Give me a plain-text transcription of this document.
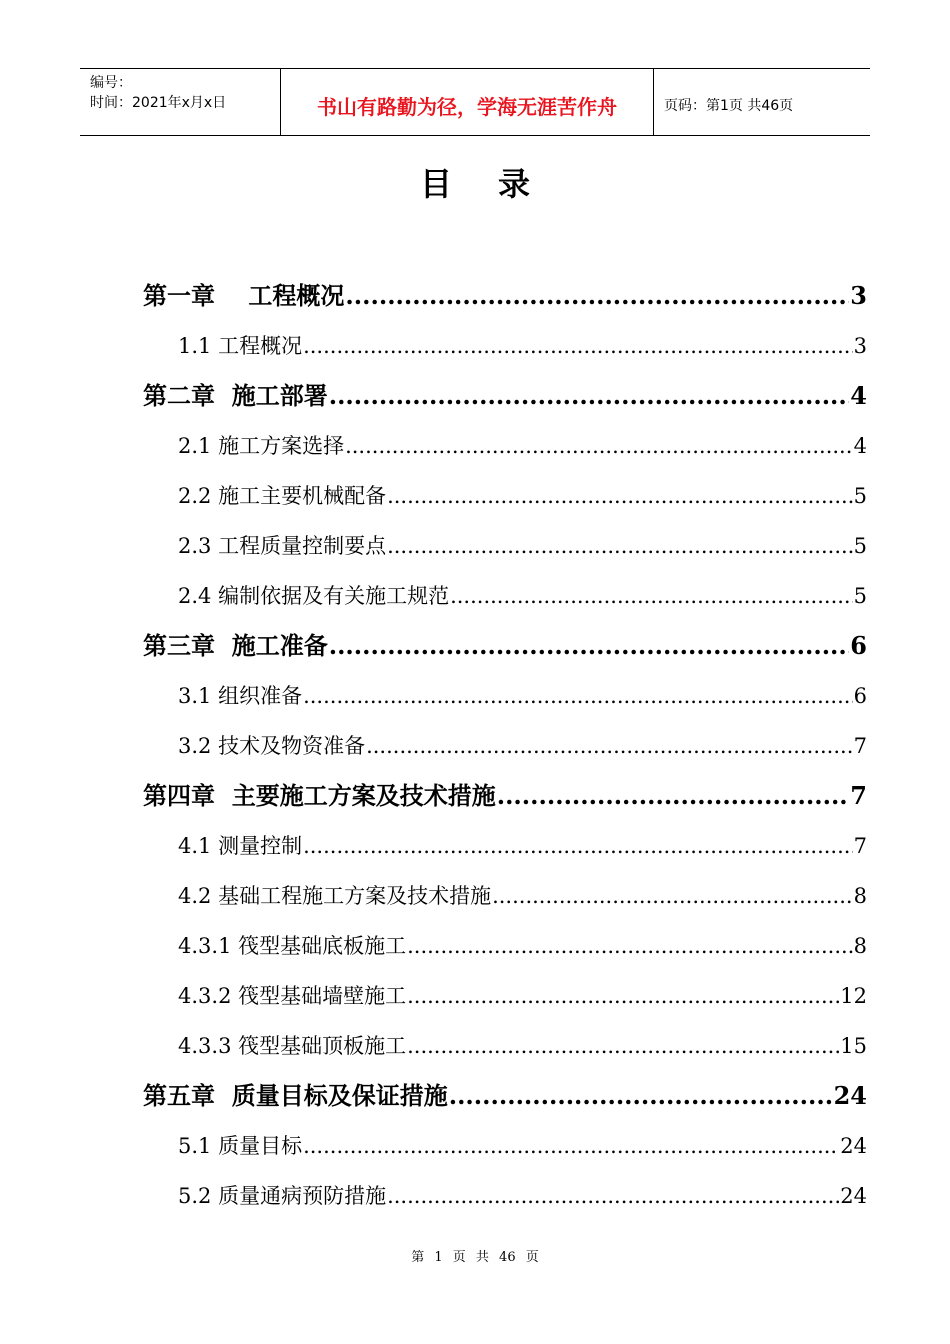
编号：
时间：2021年x月x日	书山有路勤为径，学海无涯苦作舟	页码：第1页 共46页
目录
第一章    工程概况 .....	3
1.1 工程概况 .....	3
第二章  施工部署 .....	4
2.1 施工方案选择 .....	4
2.2 施工主要机械配备 .....	5
2.3 工程质量控制要点 .....	5
2.4 编制依据及有关施工规范 .....	5
第三章  施工准备 .....	6
3.1 组织准备 .....	6
3.2 技术及物资准备 .....	7
第四章  主要施工方案及技术措施 .....	7
4.1 测量控制 .....	7
4.2 基础工程施工方案及技术措施 .....	8
4.3.1 筏型基础底板施工 .....	8
4.3.2 筏型基础墙壁施工 .....	12
4.3.3 筏型基础顶板施工 .....	15
第五章  质量目标及保证措施 .....	24
5.1 质量目标 .....	24
5.2 质量通病预防措施 .....	24
第 1 页 共 46 页
